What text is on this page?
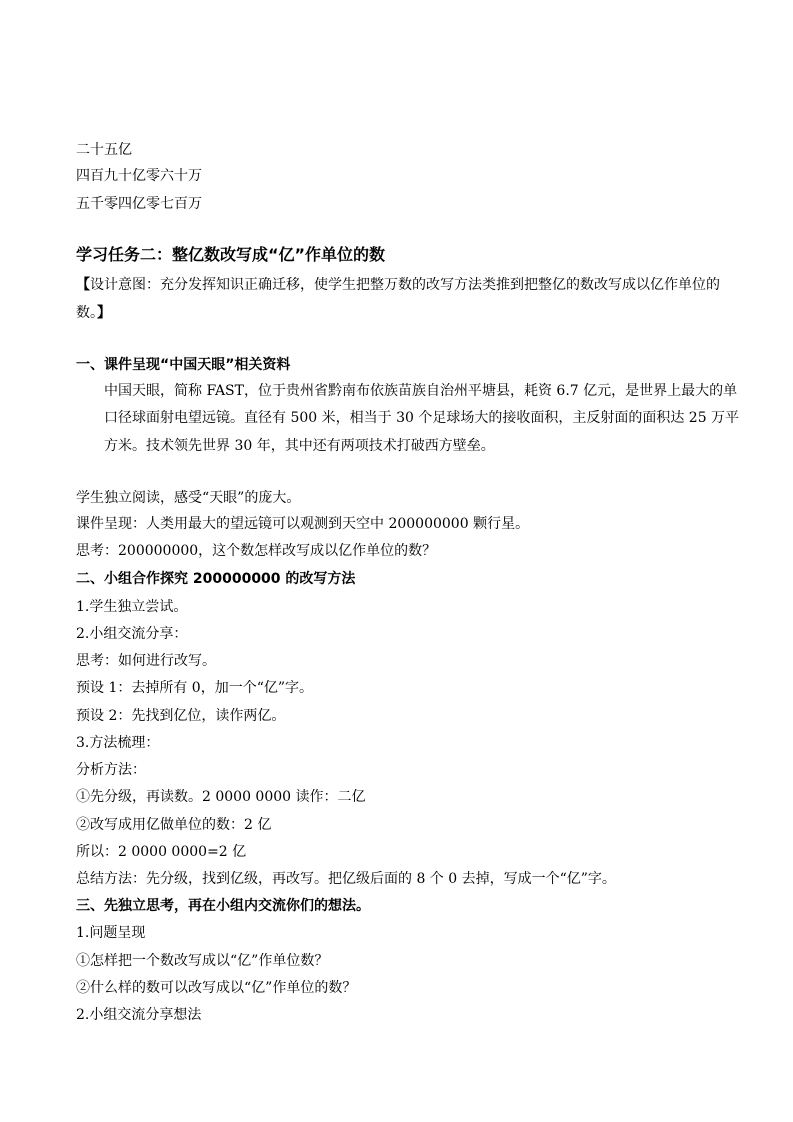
二十五亿
四百九十亿零六十万
五千零四亿零七百万
学习任务二：整亿数改写成“亿”作单位的数
【设计意图：充分发挥知识正确迁移，使学生把整万数的改写方法类推到把整亿的数改写成以亿作单位的
数。】
一、课件呈现“中国天眼”相关资料
中国天眼，简称 FAST，位于贵州省黔南布依族苗族自治州平塘县，耗资 6.7 亿元，是世界上最大的单
口径球面射电望远镜。直径有 500 米，相当于 30 个足球场大的接收面积，主反射面的面积达 25 万平
方米。技术领先世界 30 年，其中还有两项技术打破西方壁垒。
学生独立阅读，感受“天眼”的庞大。
课件呈现：人类用最大的望远镜可以观测到天空中 200000000 颗行星。
思考：200000000，这个数怎样改写成以亿作单位的数？
二、小组合作探究 200000000 的改写方法
1.学生独立尝试。
2.小组交流分享：
思考：如何进行改写。
预设 1：去掉所有 0，加一个“亿”字。
预设 2：先找到亿位，读作两亿。
3.方法梳理：
分析方法：
①先分级，再读数。2 0000 0000 读作：二亿
②改写成用亿做单位的数：2 亿
所以：2 0000 0000=2 亿
总结方法：先分级，找到亿级，再改写。把亿级后面的 8 个 0 去掉，写成一个“亿”字。
三、先独立思考，再在小组内交流你们的想法。
1.问题呈现
①怎样把一个数改写成以“亿”作单位数？
②什么样的数可以改写成以“亿”作单位的数？
2.小组交流分享想法
